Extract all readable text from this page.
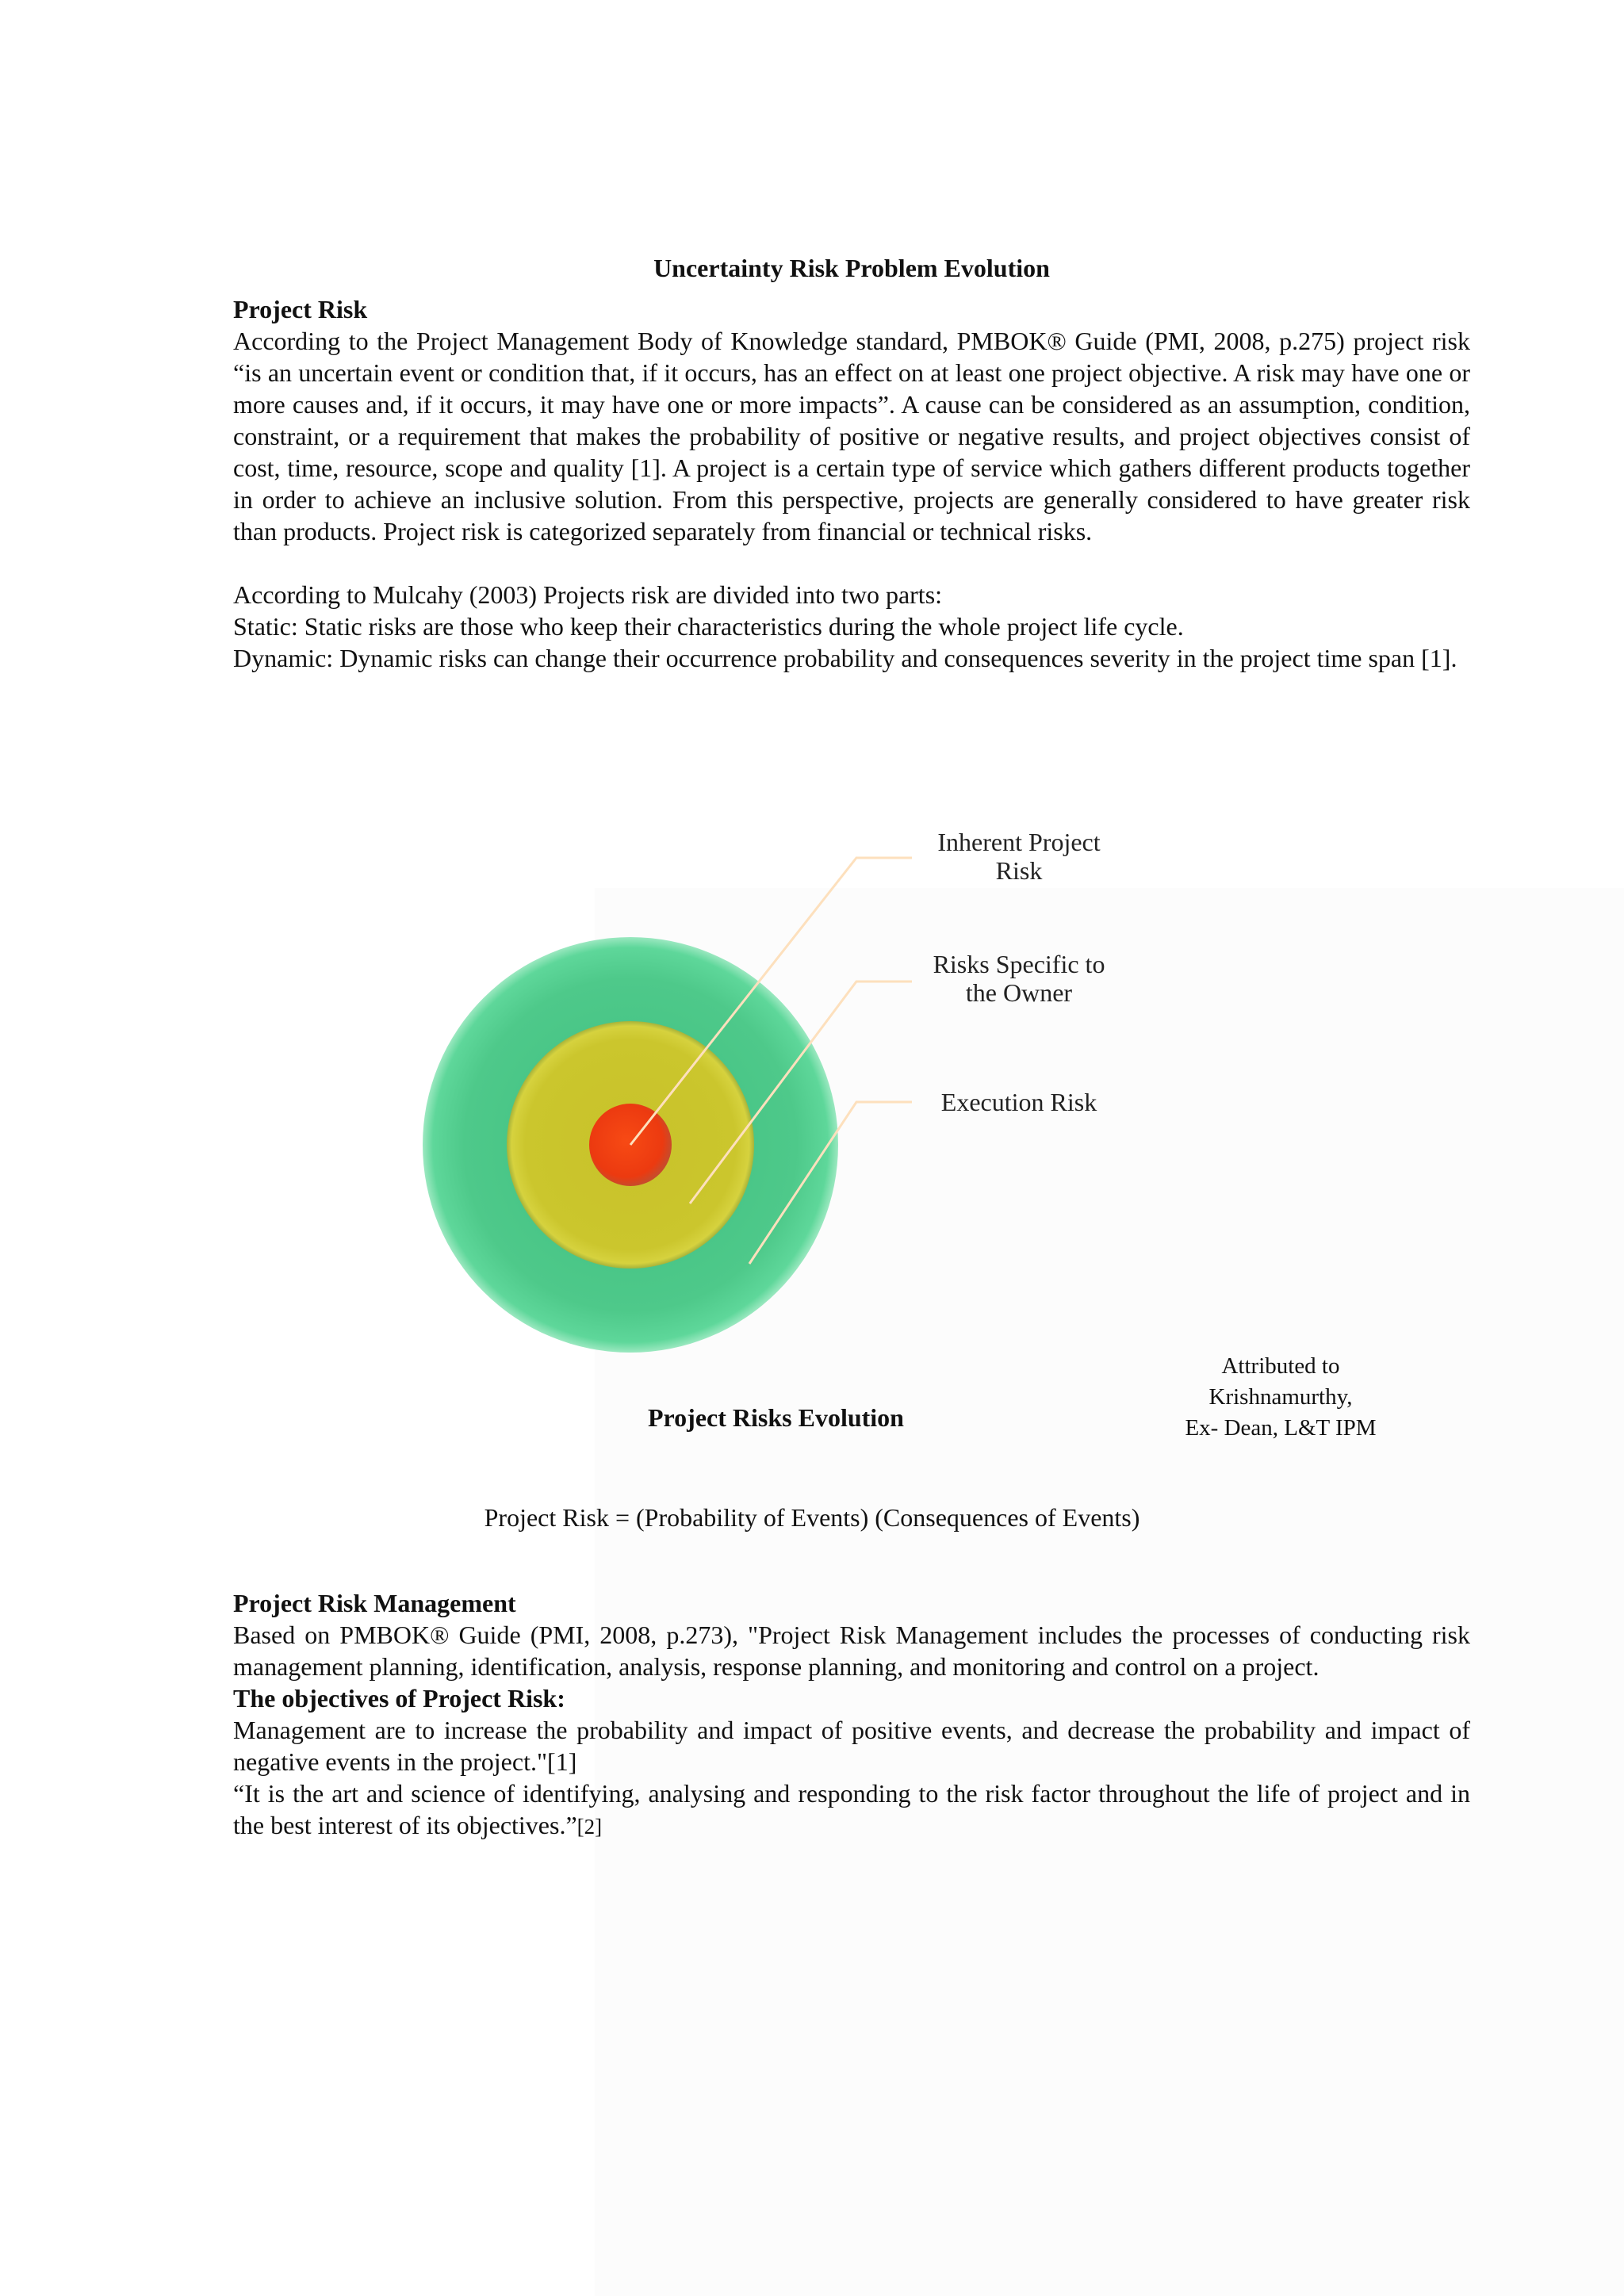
Uncertainty Risk Problem Evolution

Project Risk

According to the Project Management Body of Knowledge standard, PMBOK® Guide (PMI, 2008, p.275) project risk “is an uncertain event or condition that, if it occurs, has an effect on at least one project objective. A risk may have one or more causes and, if it occurs, it may have one or more impacts”. A cause can be considered as an assumption, condition, constraint, or a requirement that makes the probability of positive or negative results, and project objectives consist of cost, time, resource, scope and quality [1]. A project is a certain type of service which gathers different products together in order to achieve an inclusive solution. From this perspective, projects are generally considered to have greater risk than products. Project risk is categorized separately from financial or technical risks.

According to Mulcahy (2003) Projects risk are divided into two parts:

Static: Static risks are those who keep their characteristics during the whole project life cycle.

Dynamic: Dynamic risks can change their occurrence probability and consequences severity in the project time span [1].

Inherent Project
Risk
Risks Specific to
the Owner
Execution Risk
Project Risks Evolution
Attributed to
Krishnamurthy,
Ex- Dean, L&T IPM
Project Risk = (Probability of Events) (Consequences of Events)

Project Risk Management

Based on PMBOK® Guide (PMI, 2008, p.273), "Project Risk Management includes the processes of conducting risk management planning, identification, analysis, response planning, and monitoring and control on a project.

The objectives of Project Risk:

Management are to increase the probability and impact of positive events, and decrease the probability and impact of negative events in the project."[1]

“It is the art and science of identifying, analysing and responding to the risk factor throughout the life of project and in the best interest of its objectives.”[2]
